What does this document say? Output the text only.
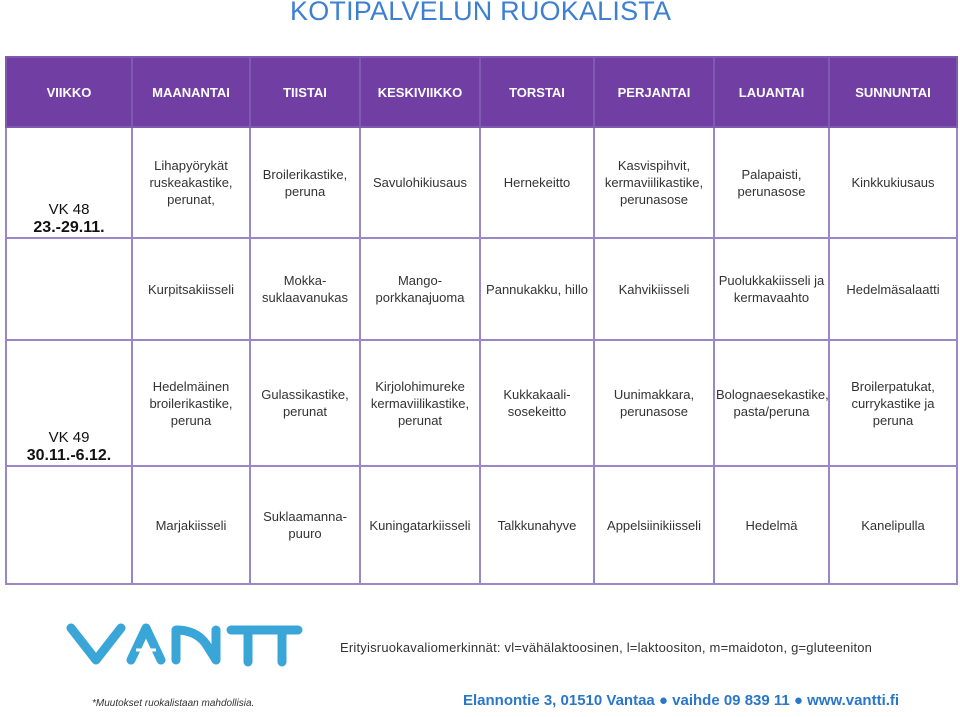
KOTIPALVELUN RUOKALISTA
VIIKKO	MAANANTAI	TIISTAI	KESKIVIIKKO	TORSTAI	PERJANTAI	LAUANTAI	SUNNUNTAI

VK 48
23.-29.11.	Lihapyörykät ruskeakastike, perunat,	Broilerikastike, peruna	Savulohikiusaus	Hernekeitto	Kasvispihvit, kermaviilikastike, perunasose	Palapaisti, perunasose	Kinkkukiusaus
	Kurpitsakiisseli	Mokka-suklaavanukas	Mango-porkkanajuoma	Pannukakku, hillo	Kahvikiisseli	Puolukkakiisseli ja kermavaahto	Hedelmäsalaatti

VK 49
30.11.-6.12.	Hedelmäinen broilerikastike, peruna	Gulassikastike, perunat	Kirjolohimureke kermaviilikastike, perunat	Kukkakaali-sosekeitto	Uunimakkara, perunasose	Bolognaesekastike, pasta/peruna	Broilerpatukat, currykastike ja peruna
	Marjakiisseli	Suklaamanna-puuro	Kuningatarkiisseli	Talkkunahyve	Appelsiinikiisseli	Hedelmä	Kanelipulla
Erityisruokavaliomerkinnät: vl=vähälaktoosinen, l=laktoositon, m=maidoton, g=gluteeniton
*Muutokset ruokalistaan mahdollisia.	Elannontie 3, 01510 Vantaa ● vaihde 09 839 11 ● www.vantti.fi
